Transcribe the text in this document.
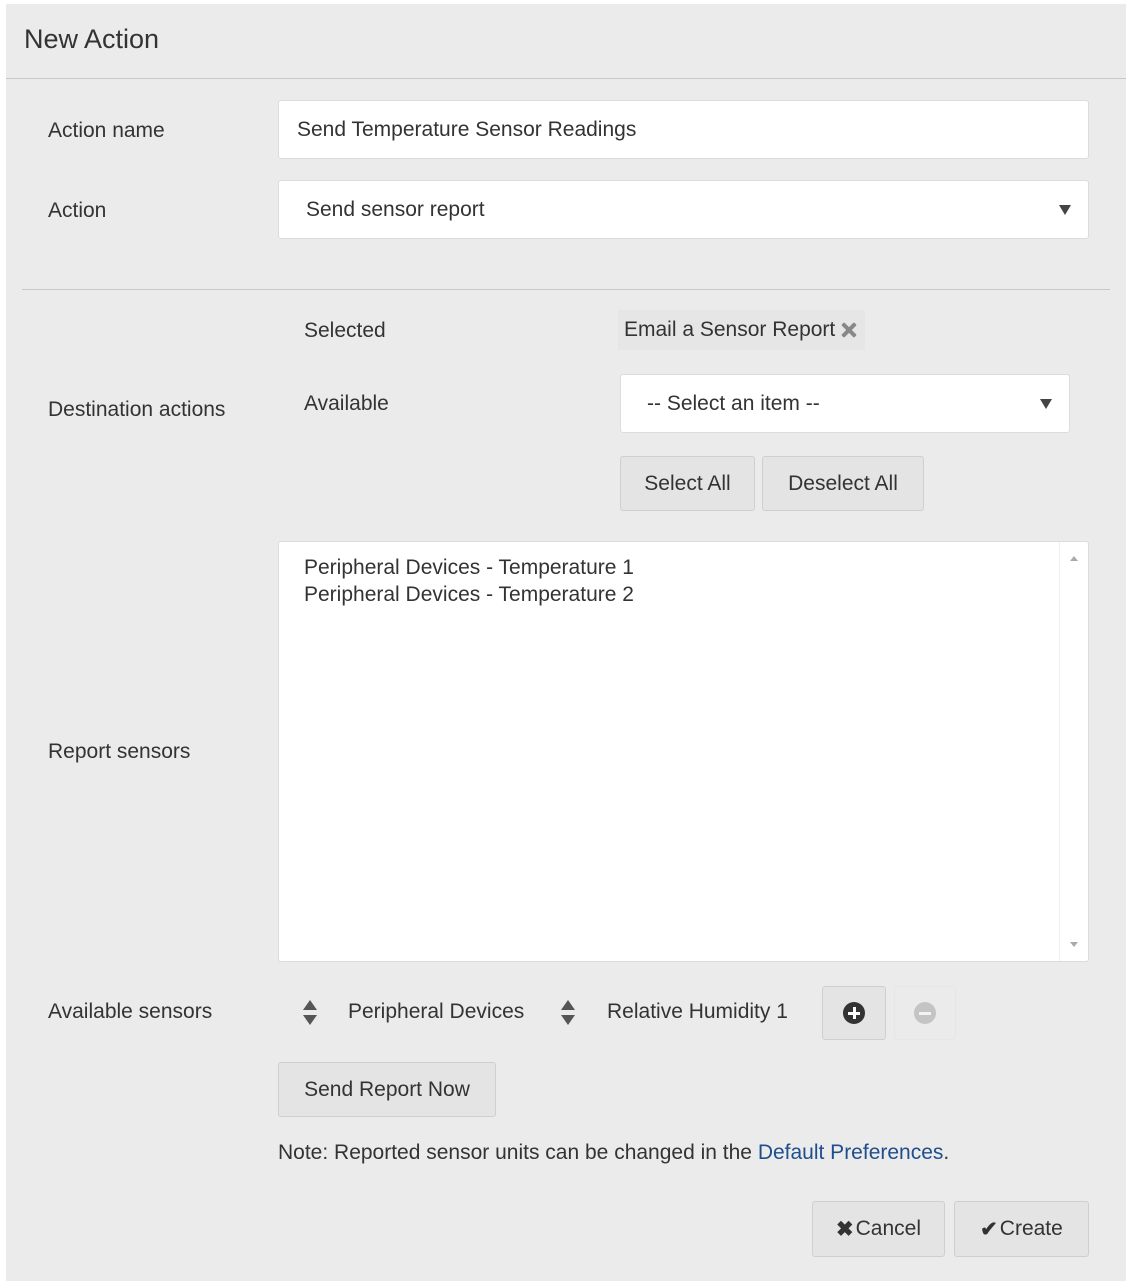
New Action
Action name
Send Temperature Sensor Readings
Action	Send sensor report
Destination actions
Selected	Email a Sensor Report
Available	-- Select an item --
Select All	Deselect All
Report sensors
Peripheral Devices - Temperature 1
Peripheral Devices - Temperature 2
Available sensors	Peripheral Devices	Relative Humidity 1
Send Report Now
Note: Reported sensor units can be changed in the Default Preferences.
✖ Cancel	✔ Create
